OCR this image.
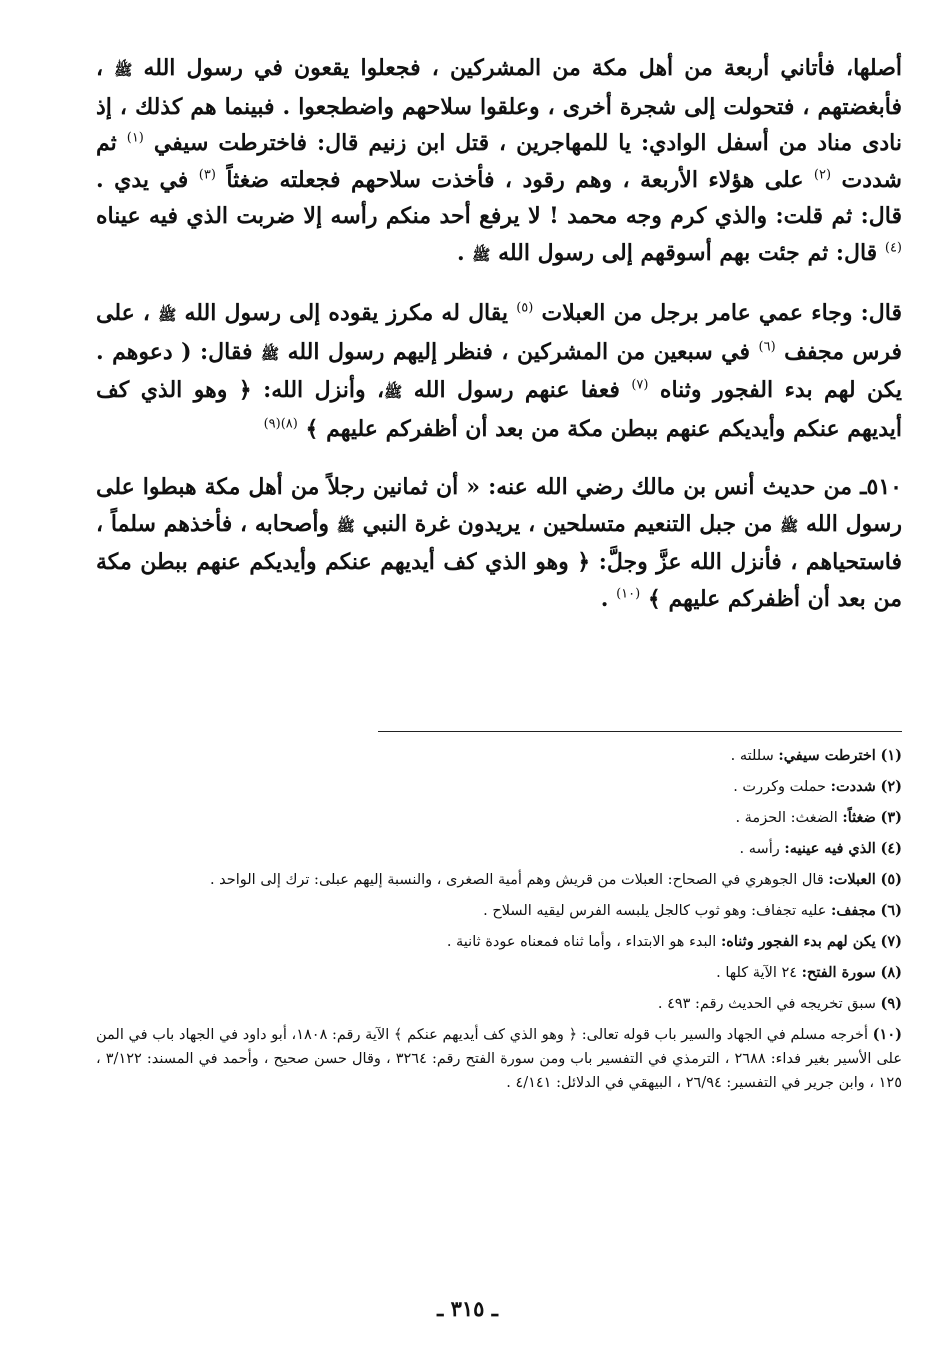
أصلها، فأتاني أربعة من أهل مكة من المشركين ، فجعلوا يقعون في رسول الله ﷺ ، فأبغضتهم ، فتحولت إلى شجرة أخرى ، وعلقوا سلاحهم واضطجعوا . فبينما هم كذلك ، إذ نادى مناد من أسفل الوادي: يا للمهاجرين ، قتل ابن زنيم قال: فاخترطت سيفي $^{(١)}$ ثم شددت $^{(٢)}$ على هؤلاء الأربعة ، وهم رقود ، فأخذت سلاحهم فجعلته ضغثاً $^{(٣)}$ في يدي . قال: ثم قلت: والذي كرم وجه محمد ! لا يرفع أحد منكم رأسه إلا ضربت الذي فيه عيناه $^{(٤)}$ قال: ثم جئت بهم أسوقهم إلى رسول الله ﷺ .

قال: وجاء عمي عامر برجل من العبلات $^{(٥)}$ يقال له مكرز يقوده إلى رسول الله ﷺ ، على فرس مجفف $^{(٦)}$ في سبعين من المشركين ، فنظر إليهم رسول الله ﷺ فقال: ( دعوهم . يكن لهم بدء الفجور وثناه $^{(٧)}$ فعفا عنهم رسول الله ﷺ، وأنزل الله: ﴿ وهو الذي كف أيديهم عنكم وأيديكم عنهم ببطن مكة من بعد أن أظفركم عليهم ﴾ $^{(٨)(٩)}$

٥١٠ـ من حديث أنس بن مالك رضي الله عنه: « أن ثمانين رجلاً من أهل مكة هبطوا على رسول الله ﷺ من جبل التنعيم متسلحين ، يريدون غرة النبي ﷺ وأصحابه ، فأخذهم سلماً ، فاستحياهم ، فأنزل الله عزَّ وجلَّ: ﴿ وهو الذي كف أيديهم عنكم وأيديكم عنهم ببطن مكة من بعد أن أظفركم عليهم ﴾ $^{(١٠)}$ .

(١) اخترطت سيفي: سللته .

(٢) شددت: حملت وكررت .

(٣) ضغثاً: الضغث: الحزمة .

(٤) الذي فيه عينيه: رأسه .

(٥) العبلات: قال الجوهري في الصحاح: العبلات من قريش وهم أمية الصغرى ، والنسبة إليهم عبلى: ترك إلى الواحد .

(٦) مجفف: عليه تجفاف: وهو ثوب كالجل يلبسه الفرس ليقيه السلاح .

(٧) يكن لهم بدء الفجور وثناه: البدء هو الابتداء ، وأما ثناه فمعناه عودة ثانية .

(٨) سورة الفتح: ٢٤ الآية كلها .

(٩) سبق تخريجه في الحديث رقم: ٤٩٣ .

(١٠) أخرجه مسلم في الجهاد والسير باب قوله تعالى: ﴿ وهو الذي كف أيديهم عنكم ﴾ الآية رقم: ١٨٠٨، أبو داود في الجهاد باب في المن على الأسير بغير فداء: ٢٦٨٨ ، الترمذي في التفسير باب ومن سورة الفتح رقم: ٣٢٦٤ ، وقال حسن صحيح ، وأحمد في المسند: ٣/١٢٢ ، ١٢٥ ، وابن جرير في التفسير: ٢٦/٩٤ ، البيهقي في الدلائل: ٤/١٤١ .

ـ ٣١٥ ـ
